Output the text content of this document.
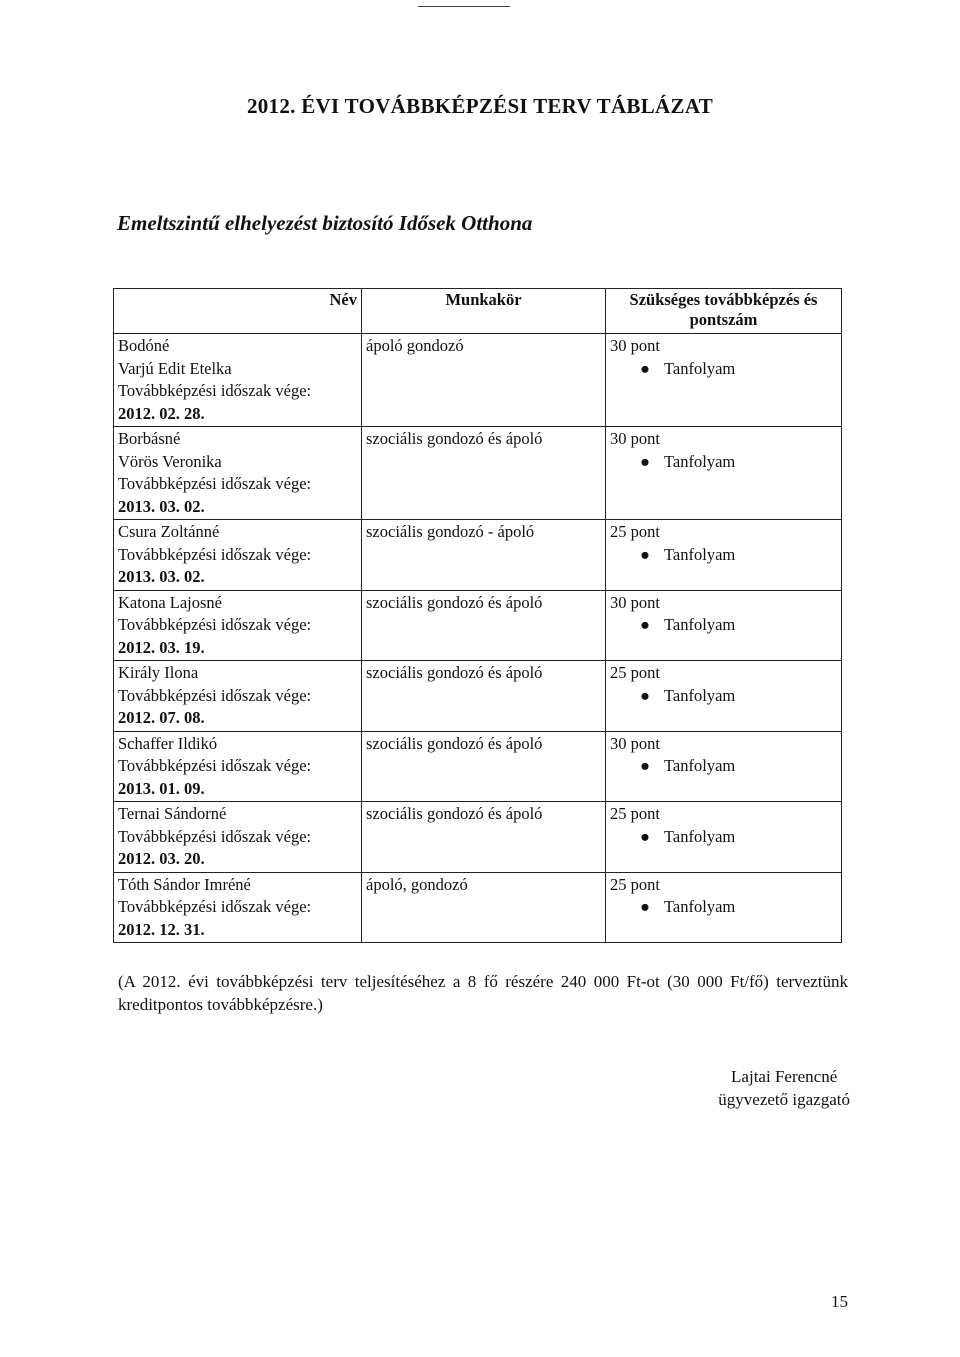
2012. ÉVI TOVÁBBKÉPZÉSI TERV TÁBLÁZAT
Emeltszintű elhelyezést biztosító Idősek Otthona
Név	Munkakör	Szükséges továbbképzés és pontszám

Bodóné
Varjú Edit Etelka
Továbbképzési időszak vége:
2012. 02. 28.	ápoló gondozó	30 pont
● Tanfolyam

Borbásné
Vörös Veronika
Továbbképzési időszak vége:
2013. 03. 02.	szociális gondozó és ápoló	30 pont
● Tanfolyam

Csura Zoltánné
Továbbképzési időszak vége:
2013. 03. 02.	szociális gondozó - ápoló	25 pont
● Tanfolyam

Katona Lajosné
Továbbképzési időszak vége:
2012. 03. 19.	szociális gondozó és ápoló	30 pont
● Tanfolyam

Király Ilona
Továbbképzési időszak vége:
2012. 07. 08.	szociális gondozó és ápoló	25 pont
● Tanfolyam

Schaffer Ildikó
Továbbképzési időszak vége:
2013. 01. 09.	szociális gondozó és ápoló	30 pont
● Tanfolyam

Ternai Sándorné
Továbbképzési időszak vége:
2012. 03. 20.	szociális gondozó és ápoló	25 pont
● Tanfolyam

Tóth Sándor Imréné
Továbbképzési időszak vége:
2012. 12. 31.	ápoló, gondozó	25 pont
● Tanfolyam
(A 2012. évi továbbképzési terv teljesítéséhez a 8 fő részére 240 000 Ft-ot (30 000 Ft/fő) terveztünk kreditpontos továbbképzésre.)
Lajtai Ferencné
ügyvezető igazgató
15
